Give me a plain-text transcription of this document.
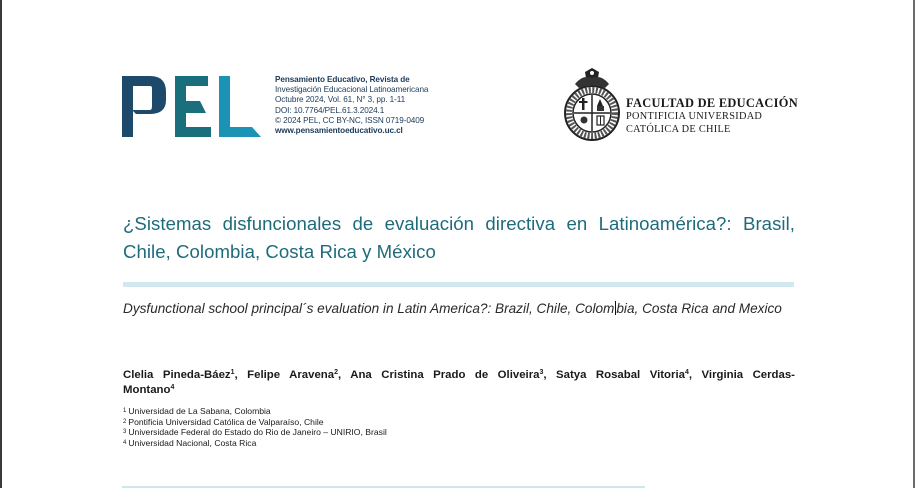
Pensamiento Educativo, Revista de
Investigación Educacional Latinoamericana
Octubre 2024, Vol. 61, N° 3, pp. 1-11
DOI: 10.7764/PEL.61.3.2024.1
© 2024 PEL, CC BY-NC, ISSN 0719-0409
www.pensamientoeducativo.uc.cl
FACULTAD DE EDUCACIÓN
PONTIFICIA UNIVERSIDAD
CATÓLICA DE CHILE
¿Sistemas disfuncionales de evaluación directiva en Latinoamérica?: Brasil, Chile, Colombia, Costa Rica y México
Dysfunctional school principal´s evaluation in Latin America?: Brazil, Chile, Colom bia, Costa Rica and Mexico
Clelia Pineda-Báez$^1$, Felipe Aravena$^2$, Ana Cristina Prado de Oliveira$^3$, Satya Rosabal Vitoria$^4$, Virginia Cerdas-Montano$^4$
$^1$ Universidad de La Sabana, Colombia
$^2$ Pontificia Universidad Católica de Valparaíso, Chile
$^3$ Universidade Federal do Estado do Rio de Janeiro – UNIRIO, Brasil
$^4$ Universidad Nacional, Costa Rica
